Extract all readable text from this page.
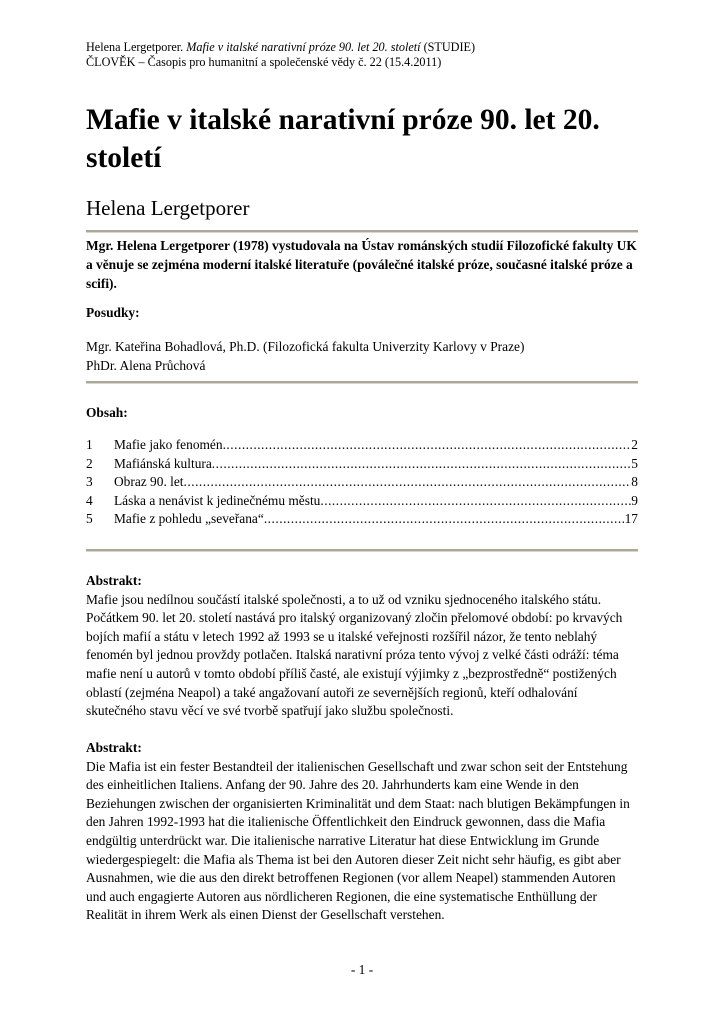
Helena Lergetporer. Mafie v italské narativní próze 90. let 20. století (STUDIE)
ČLOVĚK – Časopis pro humanitní a společenské vědy č. 22 (15.4.2011)
Mafie v italské narativní próze 90. let 20. století
Helena Lergetporer
Mgr. Helena Lergetporer (1978) vystudovala na Ústav románských studií Filozofické fakulty UK a věnuje se zejména moderní italské literatuře (poválečné italské próze, současné italské próze a scifi).
Posudky:
Mgr. Kateřina Bohadlová, Ph.D. (Filozofická fakulta Univerzity Karlovy v Praze)
PhDr. Alena Průchová
Obsah:
1	Mafie jako fenomén .....	2
2	Mafiánská kultura .....	5
3	Obraz 90. let .....	8
4	Láska a nenávist k jedinečnému městu .....	9
5	Mafie z pohledu „seveřana“ .....	17
Abstrakt:
Mafie jsou nedílnou součástí italské společnosti, a to už od vzniku sjednoceného italského státu. Počátkem 90. let 20. století nastává pro italský organizovaný zločin přelomové období: po krvavých bojích mafií a státu v letech 1992 až 1993 se u italské veřejnosti rozšířil názor, že tento neblahý fenomén byl jednou provždy potlačen. Italská narativní próza tento vývoj z velké části odráží: téma mafie není u autorů v tomto období příliš časté, ale existují výjimky z „bezprostředně“ postižených oblastí (zejména Neapol) a také angažovaní autoři ze severnějších regionů, kteří odhalování skutečného stavu věcí ve své tvorbě spatřují jako službu společnosti.
Abstrakt:
Die Mafia ist ein fester Bestandteil der italienischen Gesellschaft und zwar schon seit der Entstehung des einheitlichen Italiens. Anfang der 90. Jahre des 20. Jahrhunderts kam eine Wende in den Beziehungen zwischen der organisierten Kriminalität und dem Staat: nach blutigen Bekämpfungen in den Jahren 1992-1993 hat die italienische Öffentlichkeit den Eindruck gewonnen, dass die Mafia endgültig unterdrückt war. Die italienische narrative Literatur hat diese Entwicklung im Grunde wiedergespiegelt: die Mafia als Thema ist bei den Autoren dieser Zeit nicht sehr häufig, es gibt aber Ausnahmen, wie die aus den direkt betroffenen Regionen (vor allem Neapel) stammenden Autoren und auch engagierte Autoren aus nördlicheren Regionen, die eine systematische Enthüllung der Realität in ihrem Werk als einen Dienst der Gesellschaft verstehen.
- 1 -
